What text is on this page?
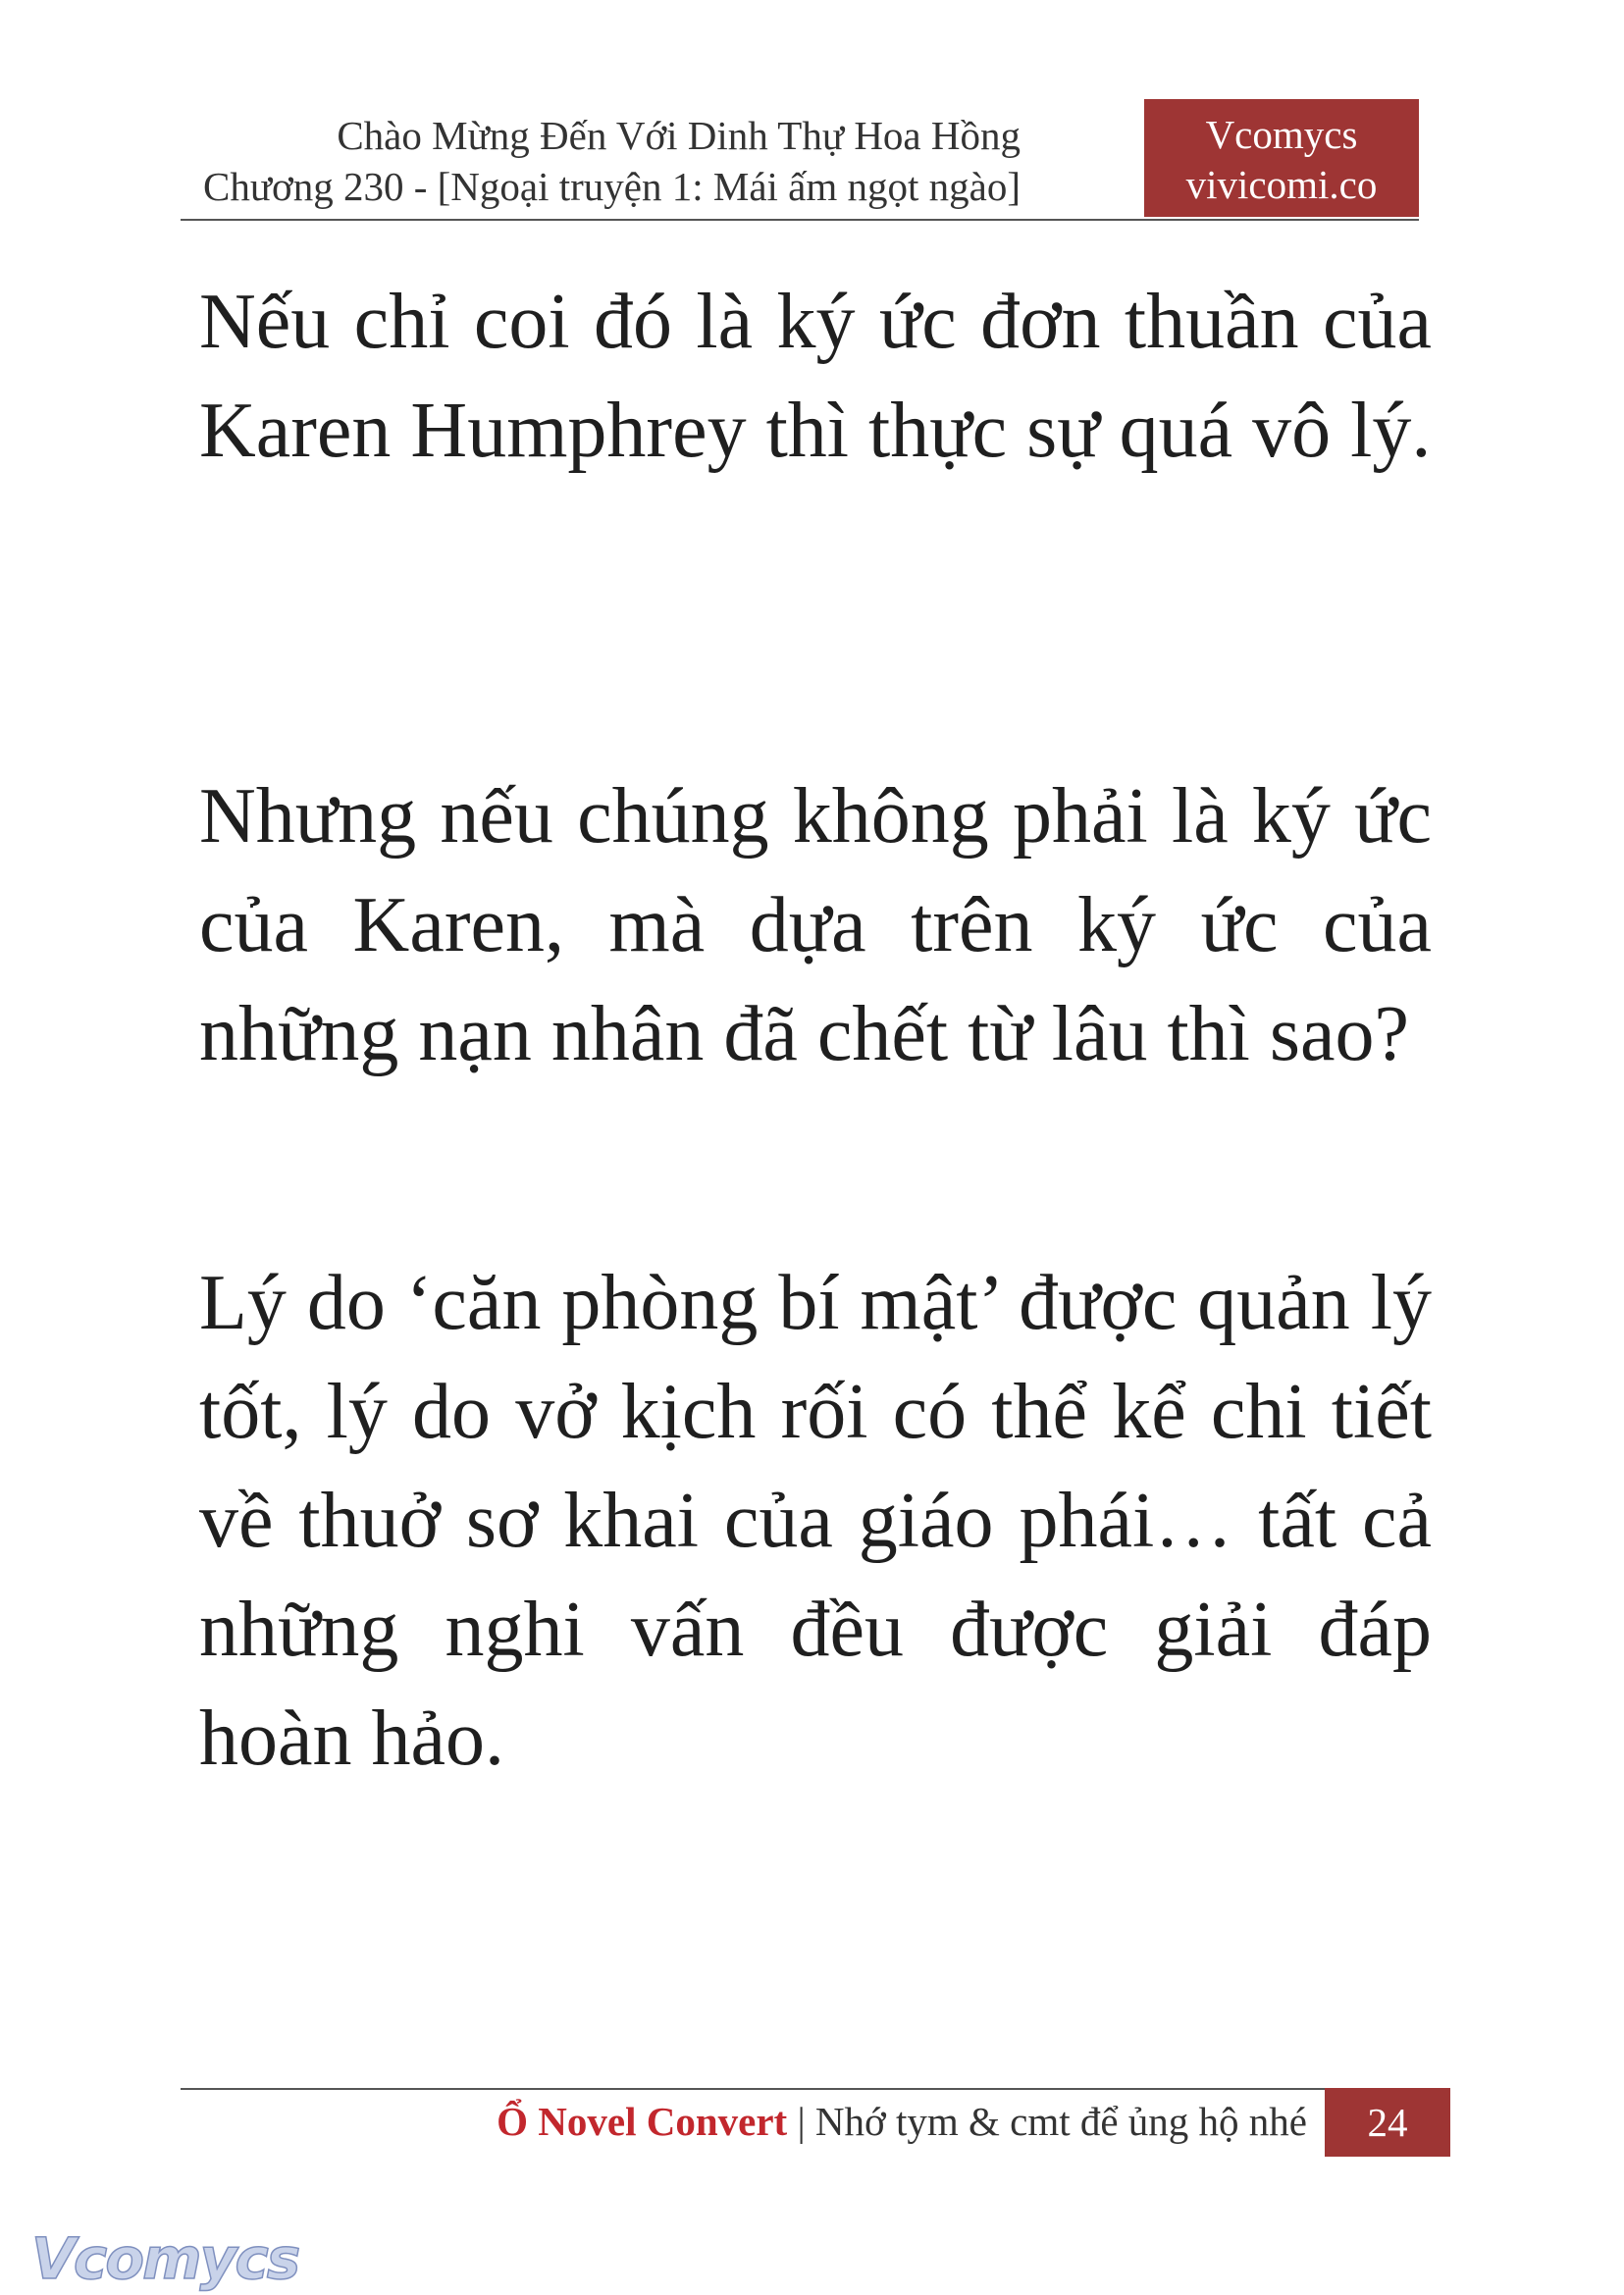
Chào Mừng Đến Với Dinh Thự Hoa Hồng
Chương 230 - [Ngoại truyện 1: Mái ấm ngọt ngào]
Vcomycs
vivicomi.co

Nếu chỉ coi đó là ký ức đơn thuần của Karen Humphrey thì thực sự quá vô lý.

Nhưng nếu chúng không phải là ký ức của Karen, mà dựa trên ký ức của những nạn nhân đã chết từ lâu thì sao?

Lý do ‘căn phòng bí mật’ được quản lý tốt, lý do vở kịch rối có thể kể chi tiết về thuở sơ khai của giáo phái… tất cả những nghi vấn đều được giải đáp hoàn hảo.

Ổ Novel Convert | Nhớ tym & cmt để ủng hộ nhé	24
Vcomycs
